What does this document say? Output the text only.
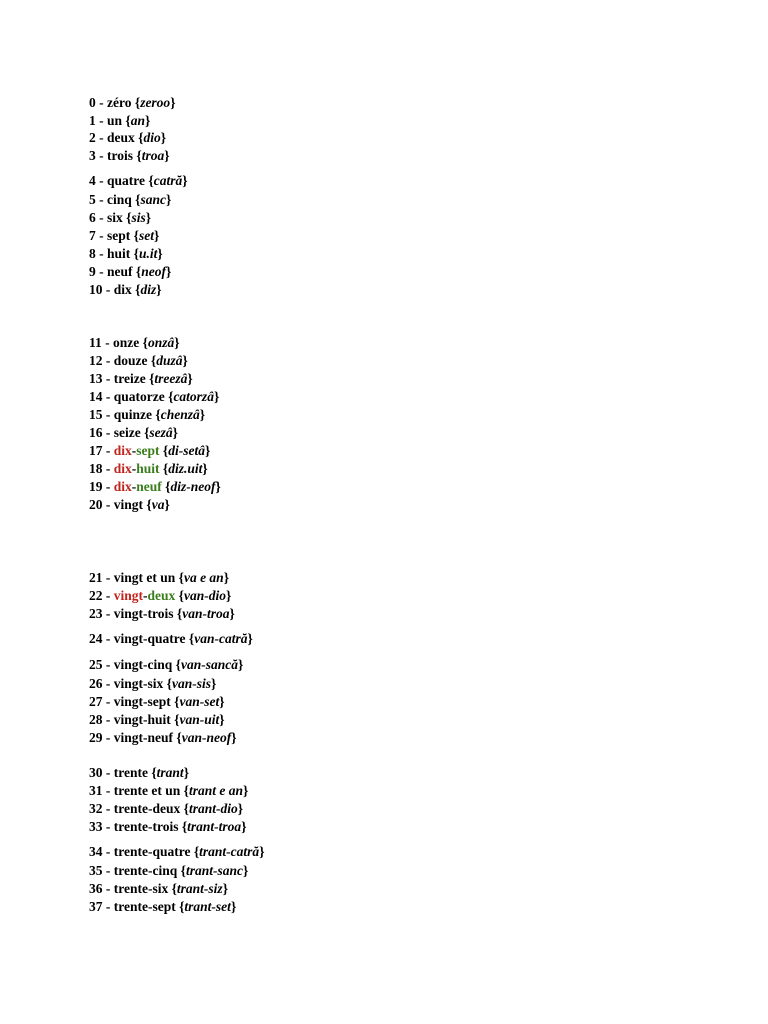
0 - zéro {zeroo}
1 - un {an}
2 - deux {dio}
3 - trois {troa}
4 - quatre {catră}
5 - cinq {sanc}
6 - six {sis}
7 - sept {set}
8 - huit {u.it}
9 - neuf {neof}
10 - dix {diz}
11 - onze {onzâ}
12 - douze {duzâ}
13 - treize {treezâ}
14 - quatorze {catorzâ}
15 - quinze {chenzâ}
16 - seize {sezâ}
17 - dix-sept {di-setâ}
18 - dix-huit {diz.uit}
19 - dix-neuf {diz-neof}
20 - vingt {va}
21 - vingt et un {va e an}
22 - vingt-deux {van-dio}
23 - vingt-trois {van-troa}
24 - vingt-quatre {van-catră}
25 - vingt-cinq {van-sancă}
26 - vingt-six {van-sis}
27 - vingt-sept {van-set}
28 - vingt-huit {van-uit}
29 - vingt-neuf {van-neof}
30 - trente {trant}
31 - trente et un {trant e an}
32 - trente-deux {trant-dio}
33 - trente-trois {trant-troa}
34 - trente-quatre {trant-catră}
35 - trente-cinq {trant-sanc}
36 - trente-six {trant-siz}
37 - trente-sept {trant-set}
